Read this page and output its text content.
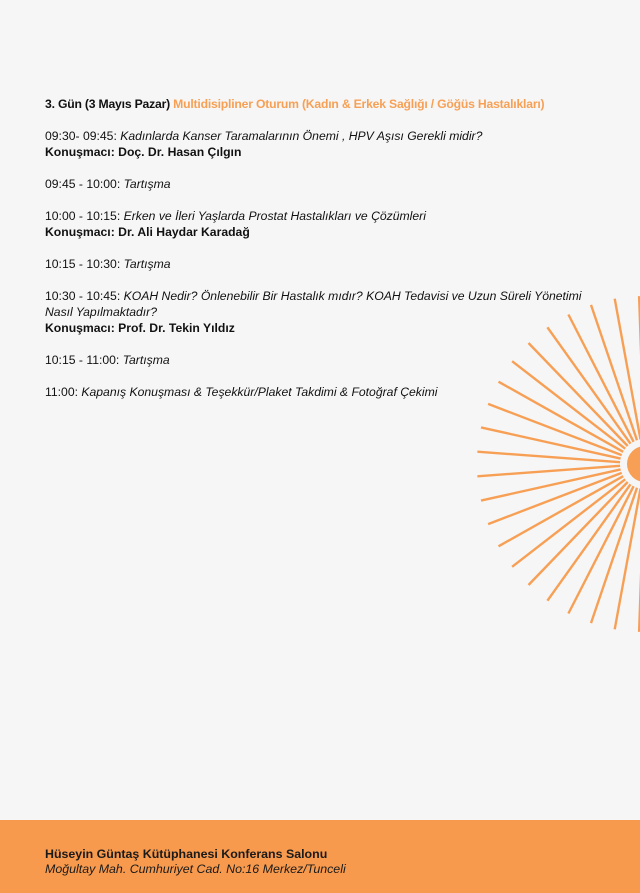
3. Gün (3 Mayıs Pazar) Multidisipliner Oturum (Kadın & Erkek Sağlığı / Göğüs Hastalıkları)

09:30- 09:45: Kadınlarda Kanser Taramalarının Önemi , HPV Aşısı Gerekli midir?

Konuşmacı: Doç. Dr. Hasan Çılgın

09:45 - 10:00: Tartışma

10:00 - 10:15: Erken ve İleri Yaşlarda Prostat Hastalıkları ve Çözümleri

Konuşmacı: Dr. Ali Haydar Karadağ

10:15 - 10:30: Tartışma

10:30 - 10:45: KOAH Nedir? Önlenebilir Bir Hastalık mıdır? KOAH Tedavisi ve Uzun Süreli Yönetimi Nasıl Yapılmaktadır?

Konuşmacı: Prof. Dr. Tekin Yıldız

10:15 - 11:00: Tartışma

11:00: Kapanış Konuşması & Teşekkür/Plaket Takdimi & Fotoğraf Çekimi

Hüseyin Güntaş Kütüphanesi Konferans Salonu

Moğultay Mah. Cumhuriyet Cad. No:16 Merkez/Tunceli
